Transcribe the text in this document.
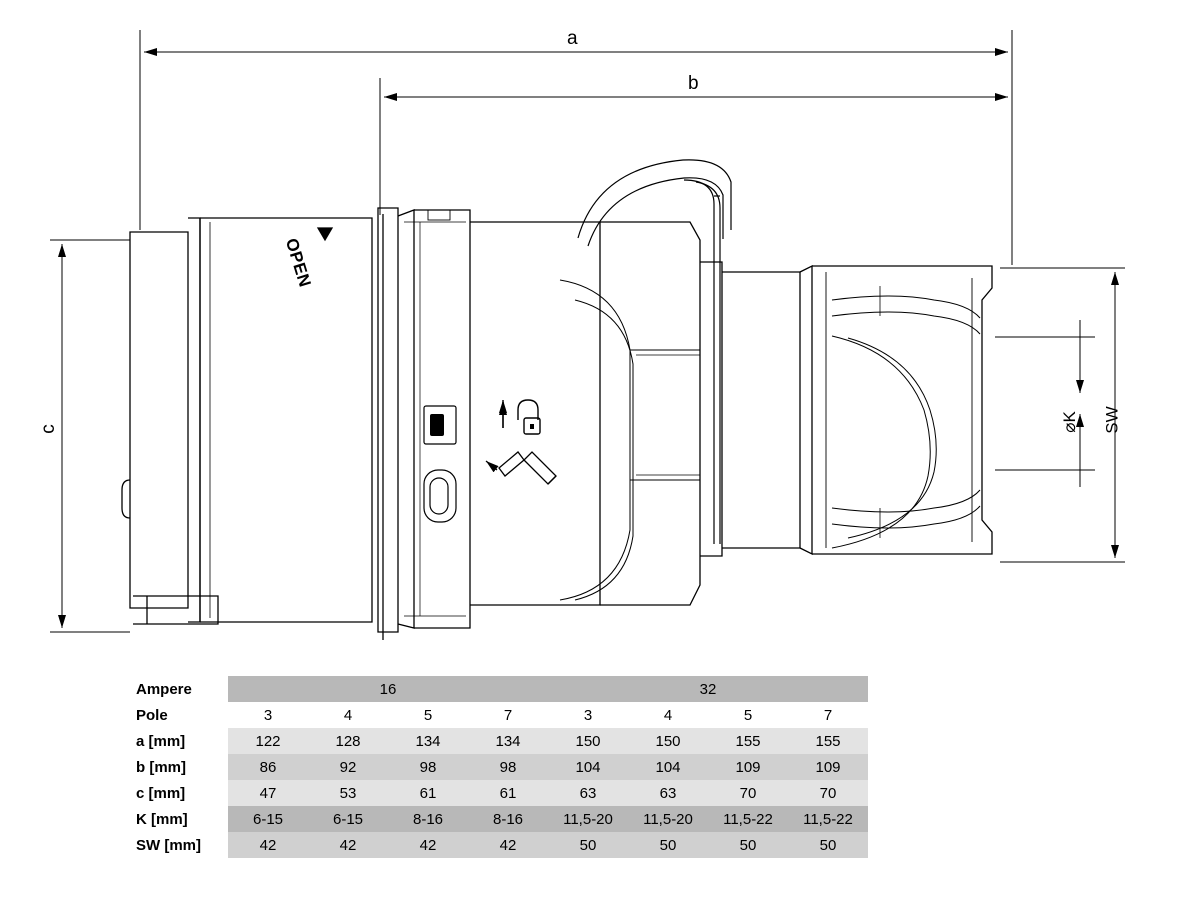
a
b
c	⌀K SW
OPEN
Ampere	16				32			
Pole	3	4	5	7	3	4	5	7
a [mm]	122	128	134	134	150	150	155	155
b [mm]	86	92	98	98	104	104	109	109
c [mm]	47	53	61	61	63	63	70	70
K [mm]	6-15	6-15	8-16	8-16	11,5-20	11,5-20	11,5-22	11,5-22
SW [mm]	42	42	42	42	50	50	50	50
